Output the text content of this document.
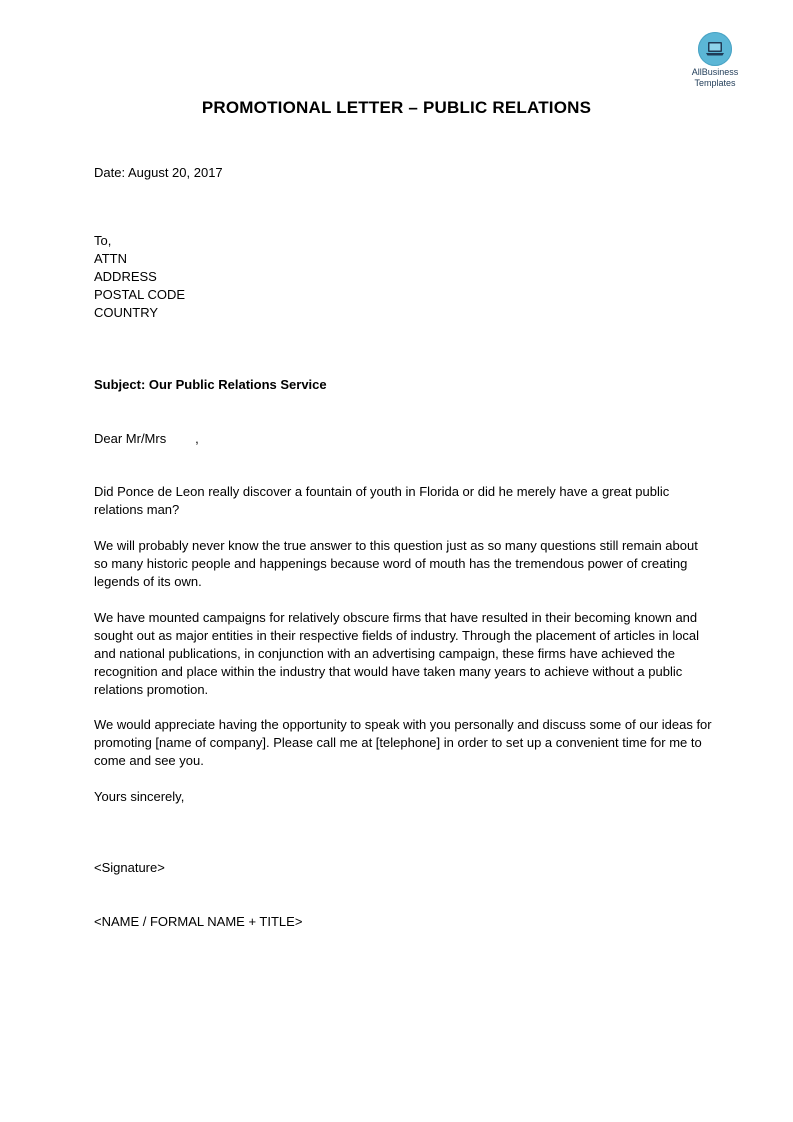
AllBusiness
Templates
PROMOTIONAL LETTER – PUBLIC RELATIONS
Date: August 20, 2017
To,
ATTN
ADDRESS
POSTAL CODE
COUNTRY
Subject: Our Public Relations Service
Dear Mr/Mrs        ,
Did Ponce de Leon really discover a fountain of youth in Florida or did he merely have a great public relations man?
We will probably never know the true answer to this question just as so many questions still remain about so many historic people and happenings because word of mouth has the tremendous power of creating legends of its own.
We have mounted campaigns for relatively obscure firms that have resulted in their becoming known and sought out as major entities in their respective fields of industry. Through the placement of articles in local and national publications, in conjunction with an advertising campaign, these firms have achieved the recognition and place within the industry that would have taken many years to achieve without a public relations promotion.
We would appreciate having the opportunity to speak with you personally and discuss some of our ideas for promoting [name of company]. Please call me at [telephone] in order to set up a convenient time for me to come and see you.
Yours sincerely,
<Signature>
<NAME / FORMAL NAME + TITLE>
